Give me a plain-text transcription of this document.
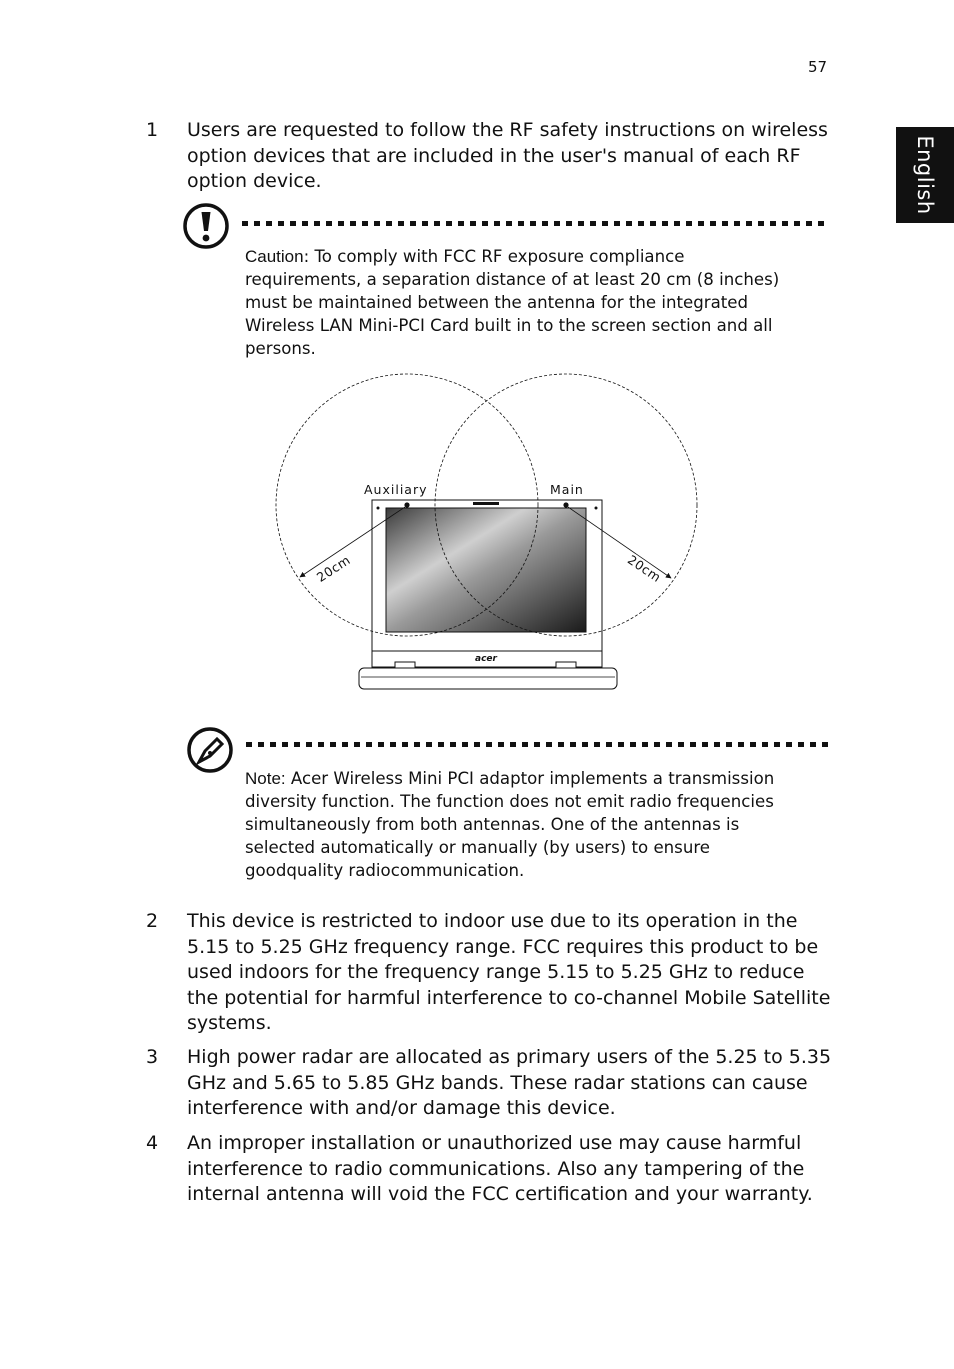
57
English
1 Users are requested to follow the RF safety instructions on wireless option devices that are included in the user's manual of each RF option device.
Caution: To comply with FCC RF exposure compliance requirements, a separation distance of at least 20 cm (8 inches) must be maintained between the antenna for the integrated Wireless LAN Mini-PCI Card built in to the screen section and all persons.
Auxiliary	Main
20cm	20cm
acer
Note: Acer Wireless Mini PCI adaptor implements a transmission diversity function. The function does not emit radio frequencies simultaneously from both antennas. One of the antennas is selected automatically or manually (by users) to ensure goodquality radiocommunication.
2 This device is restricted to indoor use due to its operation in the 5.15 to 5.25 GHz frequency range. FCC requires this product to be used indoors for the frequency range 5.15 to 5.25 GHz to reduce the potential for harmful interference to co-channel Mobile Satellite systems.
3 High power radar are allocated as primary users of the 5.25 to 5.35 GHz and 5.65 to 5.85 GHz bands. These radar stations can cause interference with and/or damage this device.
4 An improper installation or unauthorized use may cause harmful interference to radio communications. Also any tampering of the internal antenna will void the FCC certification and your warranty.
